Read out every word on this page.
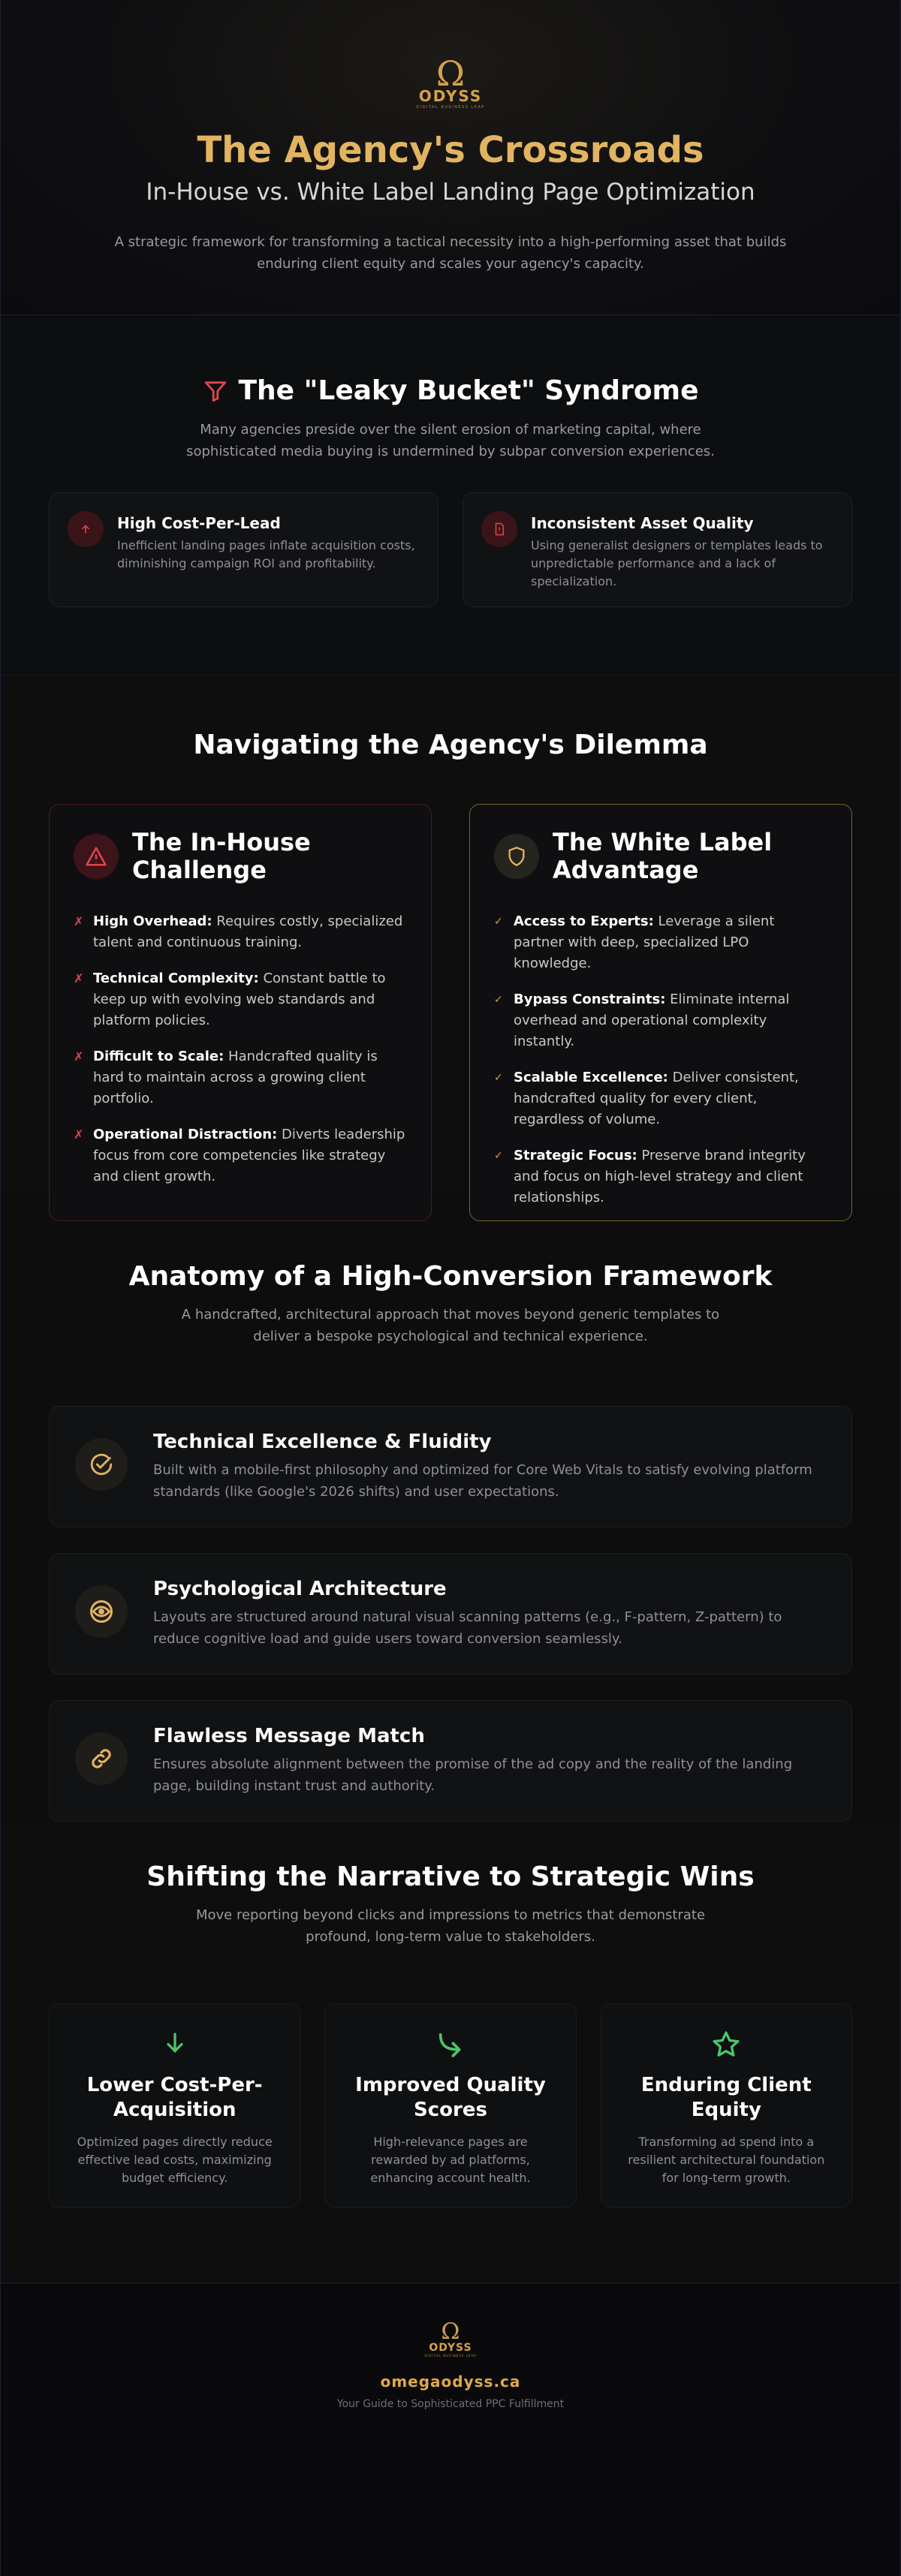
Ω
ODYSS
DIGITAL BUSINESS LEAP
The Agency's Crossroads
In-House vs. White Label Landing Page Optimization

A strategic framework for transforming a tactical necessity into a high-performing asset that builds enduring client equity and scales your agency's capacity.

The "Leaky Bucket" Syndrome

Many agencies preside over the silent erosion of marketing capital, where sophisticated media buying is undermined by subpar conversion experiences.

High Cost-Per-Lead
Inefficient landing pages inflate acquisition costs, diminishing campaign ROI and profitability.
Inconsistent Asset Quality
Using generalist designers or templates leads to unpredictable performance and a lack of specialization.
Navigating the Agency's Dilemma
The In-House Challenge
✗ High Overhead: Requires costly, specialized talent and continuous training.
✗ Technical Complexity: Constant battle to keep up with evolving web standards and platform policies.
✗ Difficult to Scale: Handcrafted quality is hard to maintain across a growing client portfolio.
✗ Operational Distraction: Diverts leadership focus from core competencies like strategy and client growth.
The White Label Advantage
✓ Access to Experts: Leverage a silent partner with deep, specialized LPO knowledge.
✓ Bypass Constraints: Eliminate internal overhead and operational complexity instantly.
✓ Scalable Excellence: Deliver consistent, handcrafted quality for every client, regardless of volume.
✓ Strategic Focus: Preserve brand integrity and focus on high-level strategy and client relationships.
Anatomy of a High-Conversion Framework

A handcrafted, architectural approach that moves beyond generic templates to deliver a bespoke psychological and technical experience.

Technical Excellence & Fluidity
Built with a mobile-first philosophy and optimized for Core Web Vitals to satisfy evolving platform standards (like Google's 2026 shifts) and user expectations.
Psychological Architecture
Layouts are structured around natural visual scanning patterns (e.g., F-pattern, Z-pattern) to reduce cognitive load and guide users toward conversion seamlessly.
Flawless Message Match
Ensures absolute alignment between the promise of the ad copy and the reality of the landing page, building instant trust and authority.
Shifting the Narrative to Strategic Wins

Move reporting beyond clicks and impressions to metrics that demonstrate profound, long-term value to stakeholders.

Lower Cost-Per-Acquisition
Optimized pages directly reduce effective lead costs, maximizing budget efficiency.
Improved Quality Scores
High-relevance pages are rewarded by ad platforms, enhancing account health.
Enduring Client Equity
Transforming ad spend into a resilient architectural foundation for long-term growth.
Ω
ODYSS
DIGITAL BUSINESS LEAP
omegaodyss.ca
Your Guide to Sophisticated PPC Fulfillment
